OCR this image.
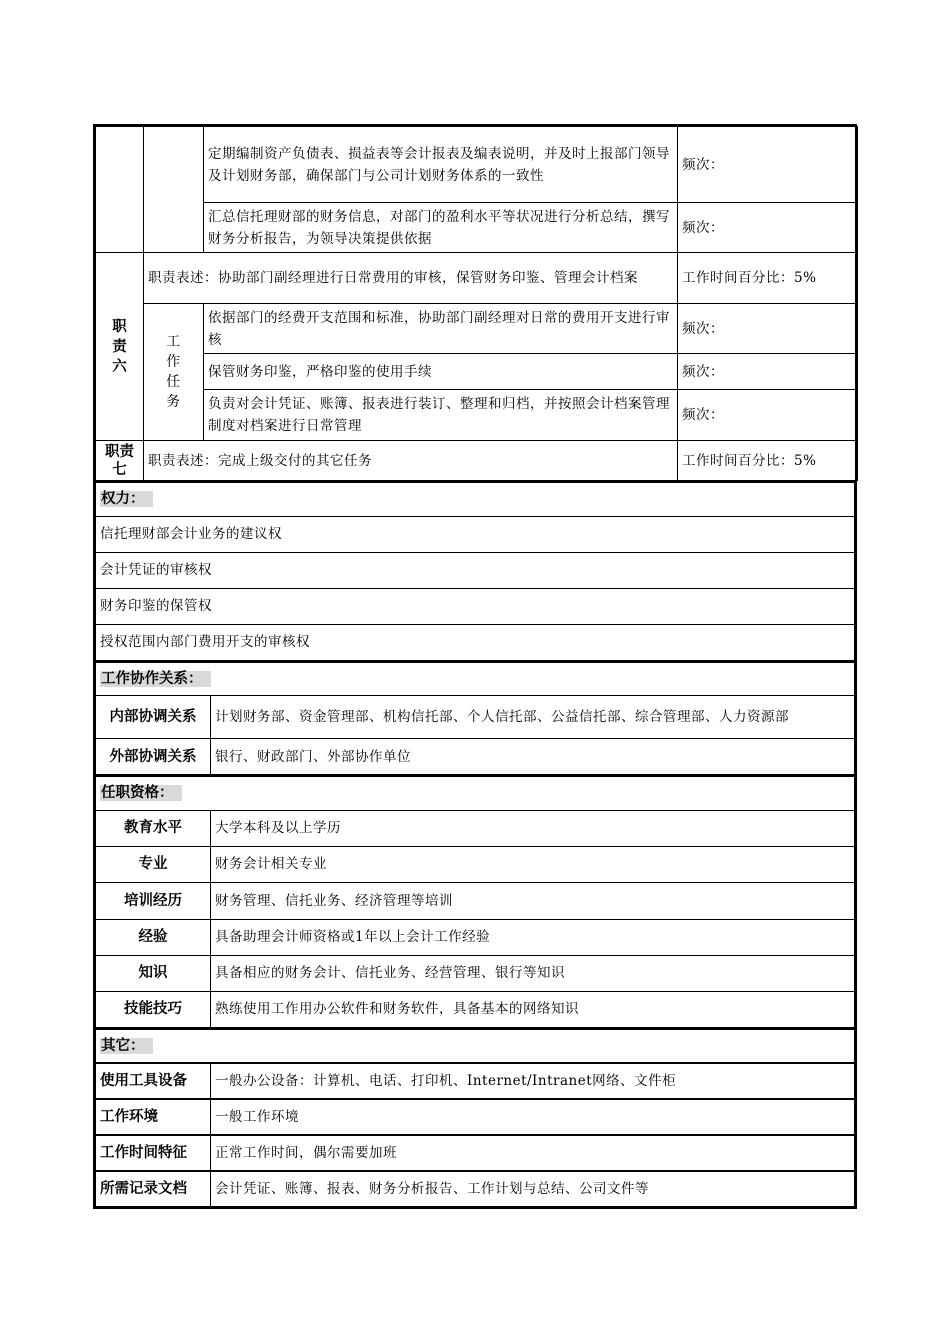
		定期编制资产负债表、损益表等会计报表及编表说明，并及时上报部门领导及计划财务部，确保部门与公司计划财务体系的一致性	频次：
		汇总信托理财部的财务信息，对部门的盈利水平等状况进行分析总结，撰写财务分析报告，为领导决策提供依据	频次：

职责六	职责表述：协助部门副经理进行日常费用的审核，保管财务印鉴、管理会计档案		工作时间百分比：5%

	工作任务	依据部门的经费开支范围和标准，协助部门副经理对日常的费用开支进行审核	频次：
		保管财务印鉴，严格印鉴的使用手续	频次：
		负责对会计凭证、账簿、报表进行装订、整理和归档，并按照会计档案管理制度对档案进行日常管理	频次：

职责七	职责表述：完成上级交付的其它任务		工作时间百分比：5%
权力：
信托理财部会计业务的建议权
会计凭证的审核权
财务印鉴的保管权
授权范围内部门费用开支的审核权
工作协作关系：	
内部协调关系	计划财务部、资金管理部、机构信托部、个人信托部、公益信托部、综合管理部、人力资源部
外部协调关系	银行、财政部门、外部协作单位
任职资格：	
教育水平	大学本科及以上学历
专业	财务会计相关专业
培训经历	财务管理、信托业务、经济管理等培训
经验	具备助理会计师资格或1年以上会计工作经验
知识	具备相应的财务会计、信托业务、经营管理、银行等知识
技能技巧	熟练使用工作用办公软件和财务软件，具备基本的网络知识
其它：	
使用工具设备	一般办公设备：计算机、电话、打印机、Internet/Intranet网络、文件柜
工作环境	一般工作环境
工作时间特征	正常工作时间，偶尔需要加班
所需记录文档	会计凭证、账簿、报表、财务分析报告、工作计划与总结、公司文件等
